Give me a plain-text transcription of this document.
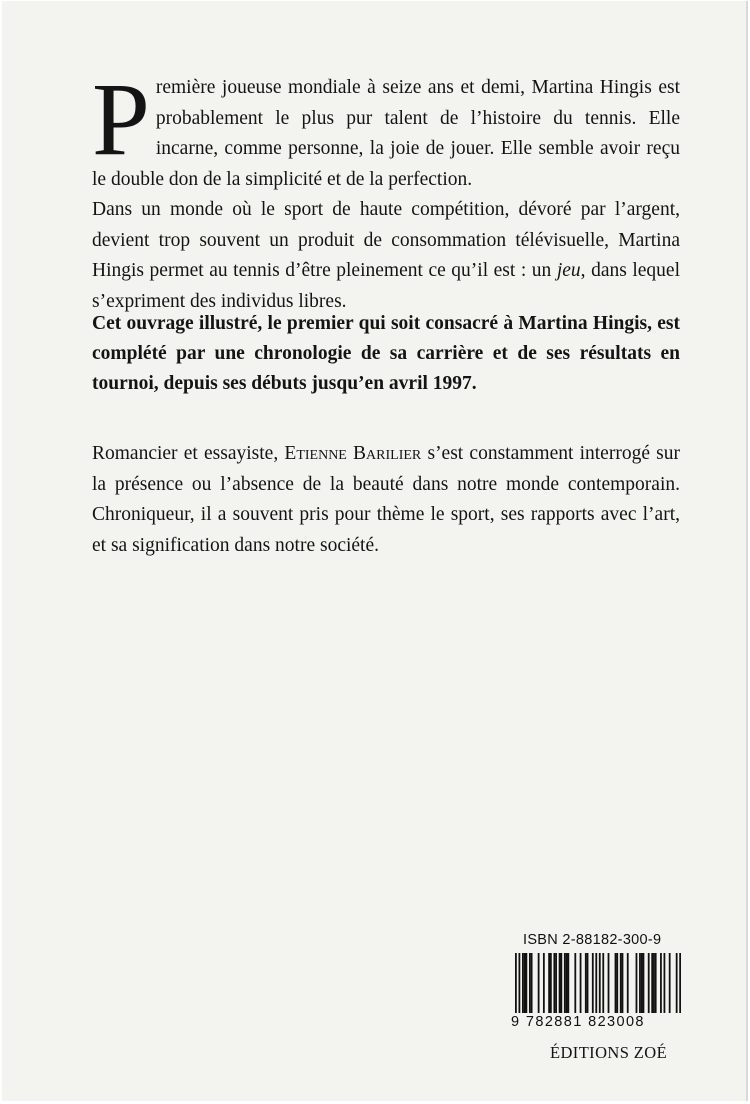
Première joueuse mondiale à seize ans et demi, Martina Hingis est probablement le plus pur talent de l’histoire du tennis. Elle incarne, comme personne, la joie de jouer. Elle semble avoir reçu le double don de la simplicité et de la perfection.

Dans un monde où le sport de haute compétition, dévoré par l’argent, devient trop souvent un produit de consommation télévisuelle, Martina Hingis permet au tennis d’être pleinement ce qu’il est : un jeu, dans lequel s’expriment des individus libres.

Cet ouvrage illustré, le premier qui soit consacré à Martina Hingis, est complété par une chronologie de sa carrière et de ses résultats en tournoi, depuis ses débuts jusqu’en avril 1997.

Romancier et essayiste, Etienne Barilier s’est constamment interrogé sur la présence ou l’absence de la beauté dans notre monde contemporain. Chroniqueur, il a souvent pris pour thème le sport, ses rapports avec l’art, et sa signification dans notre société.

ISBN 2-88182-300-9
9 782881 823008
ÉDITIONS ZOÉ
